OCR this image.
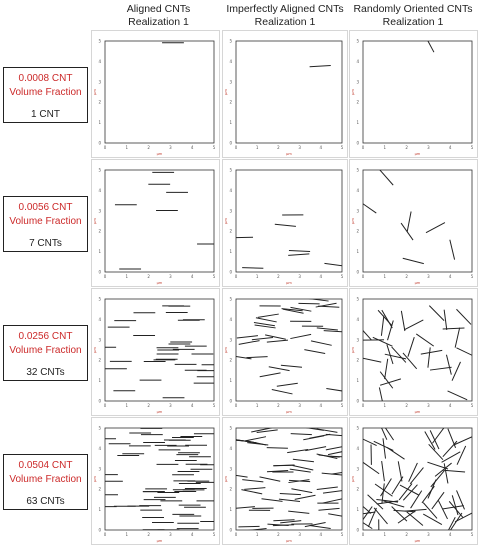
Aligned CNTs
Realization 1
Imperfectly Aligned CNTs
Realization 1
Randomly Oriented CNTs
Realization 1
0.0008 CNT
Volume Fraction
1 CNT
0.0056 CNT
Volume Fraction
7 CNTs
0.0256 CNT
Volume Fraction
32 CNTs
0.0504 CNT
Volume Fraction
63 CNTs
0
0
1
1
2
2
3
3
4
4
5
5
μm
μm
0
0
1
1
2
2
3
3
4
4
5
5
μm
μm
0
0
1
1
2
2
3
3
4
4
5
5
μm
μm
0
0
1
1
2
2
3
3
4
4
5
5
μm
μm
0
0
1
1
2
2
3
3
4
4
5
5
μm
μm
0
0
1
1
2
2
3
3
4
4
5
5
μm
μm
0
0
1
1
2
2
3
3
4
4
5
5
μm
μm
0
0
1
1
2
2
3
3
4
4
5
5
μm
μm
0
0
1
1
2
2
3
3
4
4
5
5
μm
μm
0
0
1
1
2
2
3
3
4
4
5
5
μm
μm
0
0
1
1
2
2
3
3
4
4
5
5
μm
μm
0
0
1
1
2
2
3
3
4
4
5
5
μm
μm
